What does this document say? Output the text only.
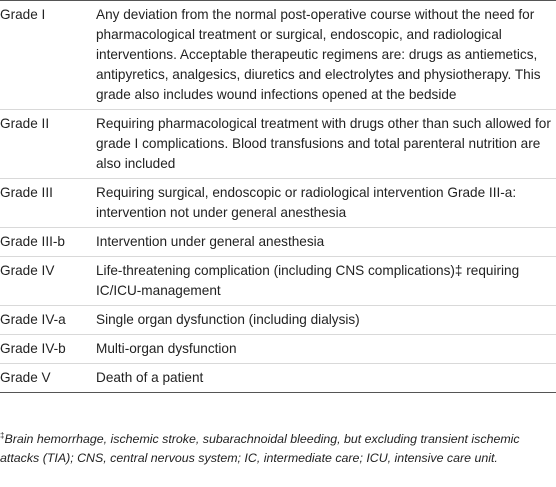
Grade I	Any deviation from the normal post-operative course without the need for pharmacological treatment or surgical, endoscopic, and radiological interventions. Acceptable therapeutic regimens are: drugs as antiemetics, antipyretics, analgesics, diuretics and electrolytes and physiotherapy. This grade also includes wound infections opened at the bedside
Grade II	Requiring pharmacological treatment with drugs other than such allowed for grade I complications. Blood transfusions and total parenteral nutrition are also included
Grade III	Requiring surgical, endoscopic or radiological intervention Grade III-a: intervention not under general anesthesia
Grade III-b	Intervention under general anesthesia
Grade IV	Life-threatening complication (including CNS complications)‡ requiring IC/ICU-management
Grade IV-a	Single organ dysfunction (including dialysis)
Grade IV-b	Multi-organ dysfunction
Grade V	Death of a patient
‡Brain hemorrhage, ischemic stroke, subarachnoidal bleeding, but excluding transient ischemic attacks (TIA); CNS, central nervous system; IC, intermediate care; ICU, intensive care unit.
